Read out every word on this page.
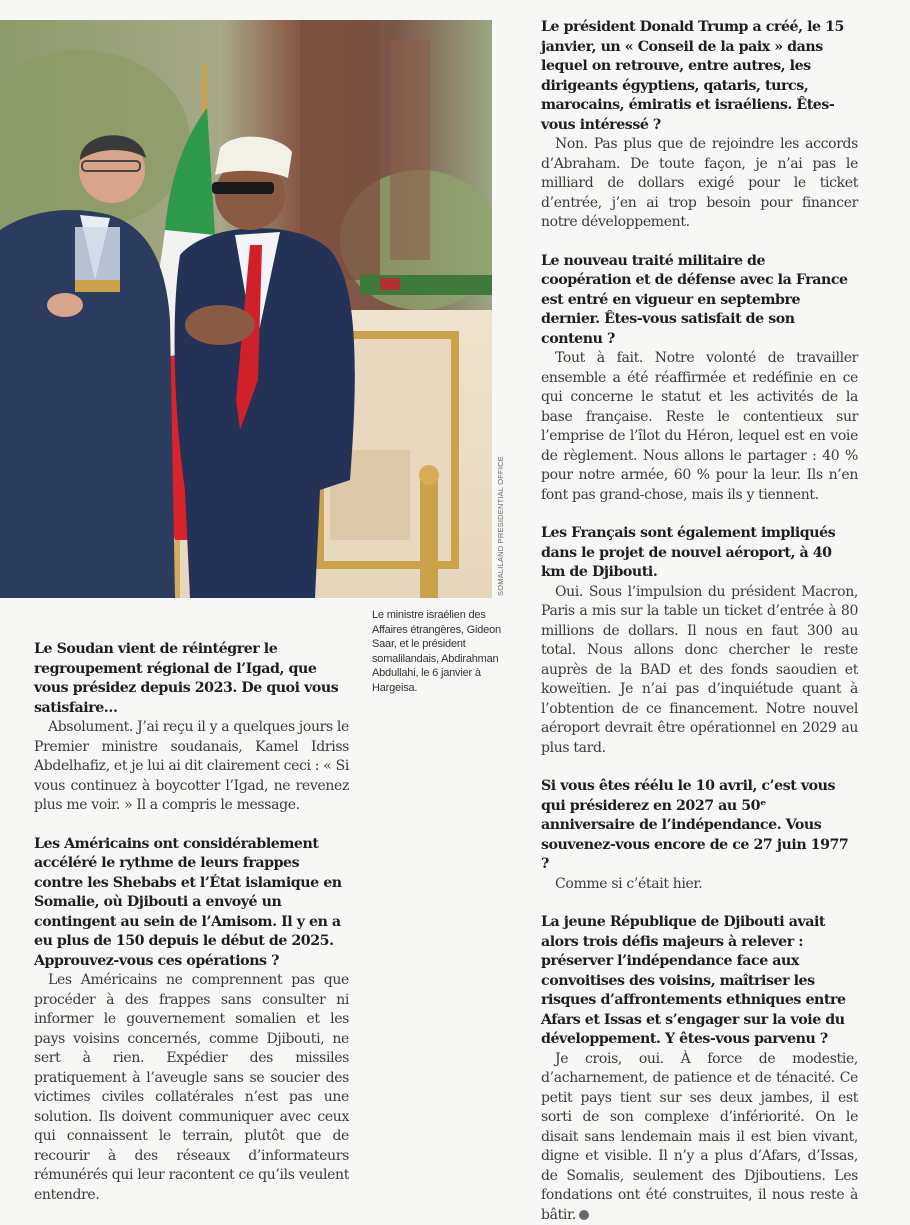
SOMALILAND PRESIDENTIAL OFFICE
Le ministre israélien des Affaires étrangères, Gideon Saar, et le président somalilandais, Abdirahman Abdullahi, le 6 janvier à Hargeisa.

Le Soudan vient de réintégrer le regroupement régional de l’Igad, que vous présidez depuis 2023. De quoi vous satisfaire…

Absolument. J’ai reçu il y a quelques jours le Premier ministre soudanais, Kamel Idriss Abdelhafiz, et je lui ai dit clairement ceci : « Si vous continuez à boycotter l’Igad, ne revenez plus me voir. » Il a compris le message.

Les Américains ont considérablement accéléré le rythme de leurs frappes contre les Shebabs et l’État islamique en Somalie, où Djibouti a envoyé un contingent au sein de l’Amisom. Il y en a eu plus de 150 depuis le début de 2025. Approuvez-vous ces opérations ?

Les Américains ne comprennent pas que procéder à des frappes sans consulter ni informer le gouvernement somalien et les pays voisins concernés, comme Djibouti, ne sert à rien. Expédier des missiles pratiquement à l’aveugle sans se soucier des victimes civiles collatérales n’est pas une solution. Ils doivent communiquer avec ceux qui connaissent le terrain, plutôt que de recourir à des réseaux d’informateurs rémunérés qui leur racontent ce qu’ils veulent entendre.

Le président Donald Trump a créé, le 15 janvier, un « Conseil de la paix » dans lequel on retrouve, entre autres, les dirigeants égyptiens, qataris, turcs, marocains, émiratis et israéliens. Êtes-vous intéressé ?

Non. Pas plus que de rejoindre les accords d’Abraham. De toute façon, je n’ai pas le milliard de dollars exigé pour le ticket d’entrée, j’en ai trop besoin pour financer notre développement.

Le nouveau traité militaire de coopération et de défense avec la France est entré en vigueur en septembre dernier. Êtes-vous satisfait de son contenu ?

Tout à fait. Notre volonté de travailler ensemble a été réaffirmée et redéfinie en ce qui concerne le statut et les activités de la base française. Reste le contentieux sur l’emprise de l’îlot du Héron, lequel est en voie de règlement. Nous allons le partager : 40 % pour notre armée, 60 % pour la leur. Ils n’en font pas grand-chose, mais ils y tiennent.

Les Français sont également impliqués dans le projet de nouvel aéroport, à 40 km de Djibouti.

Oui. Sous l’impulsion du président Macron, Paris a mis sur la table un ticket d’entrée à 80 millions de dollars. Il nous en faut 300 au total. Nous allons donc chercher le reste auprès de la BAD et des fonds saoudien et koweïtien. Je n’ai pas d’inquiétude quant à l’obtention de ce financement. Notre nouvel aéroport devrait être opérationnel en 2029 au plus tard.

Si vous êtes réélu le 10 avril, c’est vous qui présiderez en 2027 au 50ᵉ anniversaire de l’indépendance. Vous souvenez-vous encore de ce 27 juin 1977 ?

Comme si c’était hier.

La jeune République de Djibouti avait alors trois défis majeurs à relever : préserver l’indépendance face aux convoitises des voisins, maîtriser les risques d’affrontements ethniques entre Afars et Issas et s’engager sur la voie du développement. Y êtes-vous parvenu ?

Je crois, oui. À force de modestie, d’acharnement, de patience et de ténacité. Ce petit pays tient sur ses deux jambes, il est sorti de son complexe d’infériorité. On le disait sans lendemain mais il est bien vivant, digne et visible. Il n’y a plus d’Afars, d’Issas, de Somalis, seulement des Djiboutiens. Les fondations ont été construites, il nous reste à bâtir.
